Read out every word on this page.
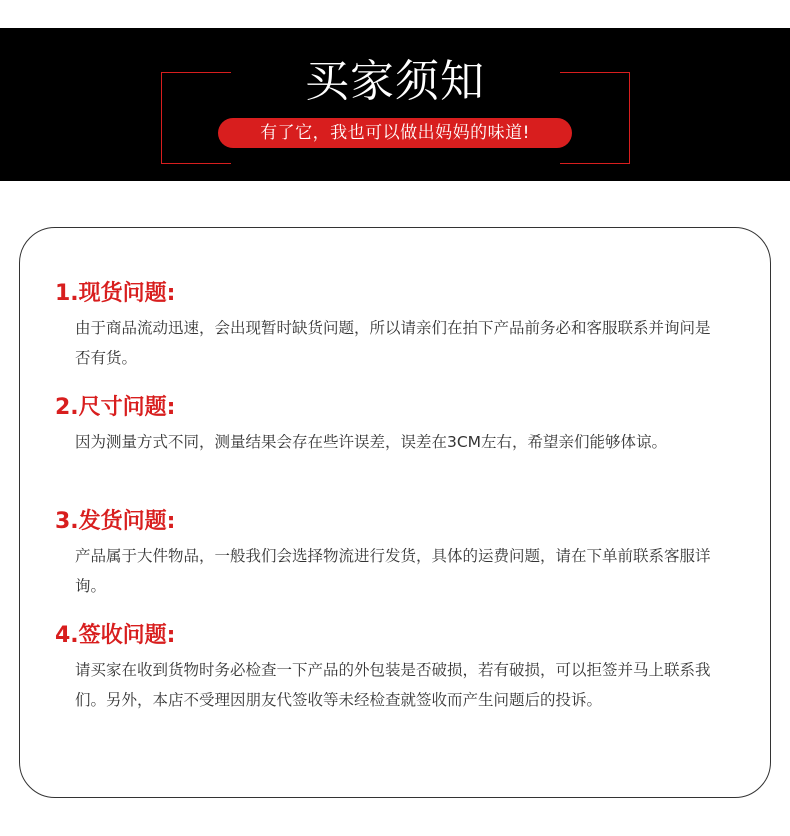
买家须知
有了它，我也可以做出妈妈的味道!
1.现货问题:

由于商品流动迅速，会出现暂时缺货问题，所以请亲们在拍下产品前务必和客服联系并询问是否有货。

2.尺寸问题:

因为测量方式不同，测量结果会存在些许误差，误差在3CM左右，希望亲们能够体谅。

3.发货问题:

产品属于大件物品，一般我们会选择物流进行发货，具体的运费问题，请在下单前联系客服详询。

4.签收问题:

请买家在收到货物时务必检查一下产品的外包装是否破损，若有破损，可以拒签并马上联系我们。另外，本店不受理因朋友代签收等未经检查就签收而产生问题后的投诉。
